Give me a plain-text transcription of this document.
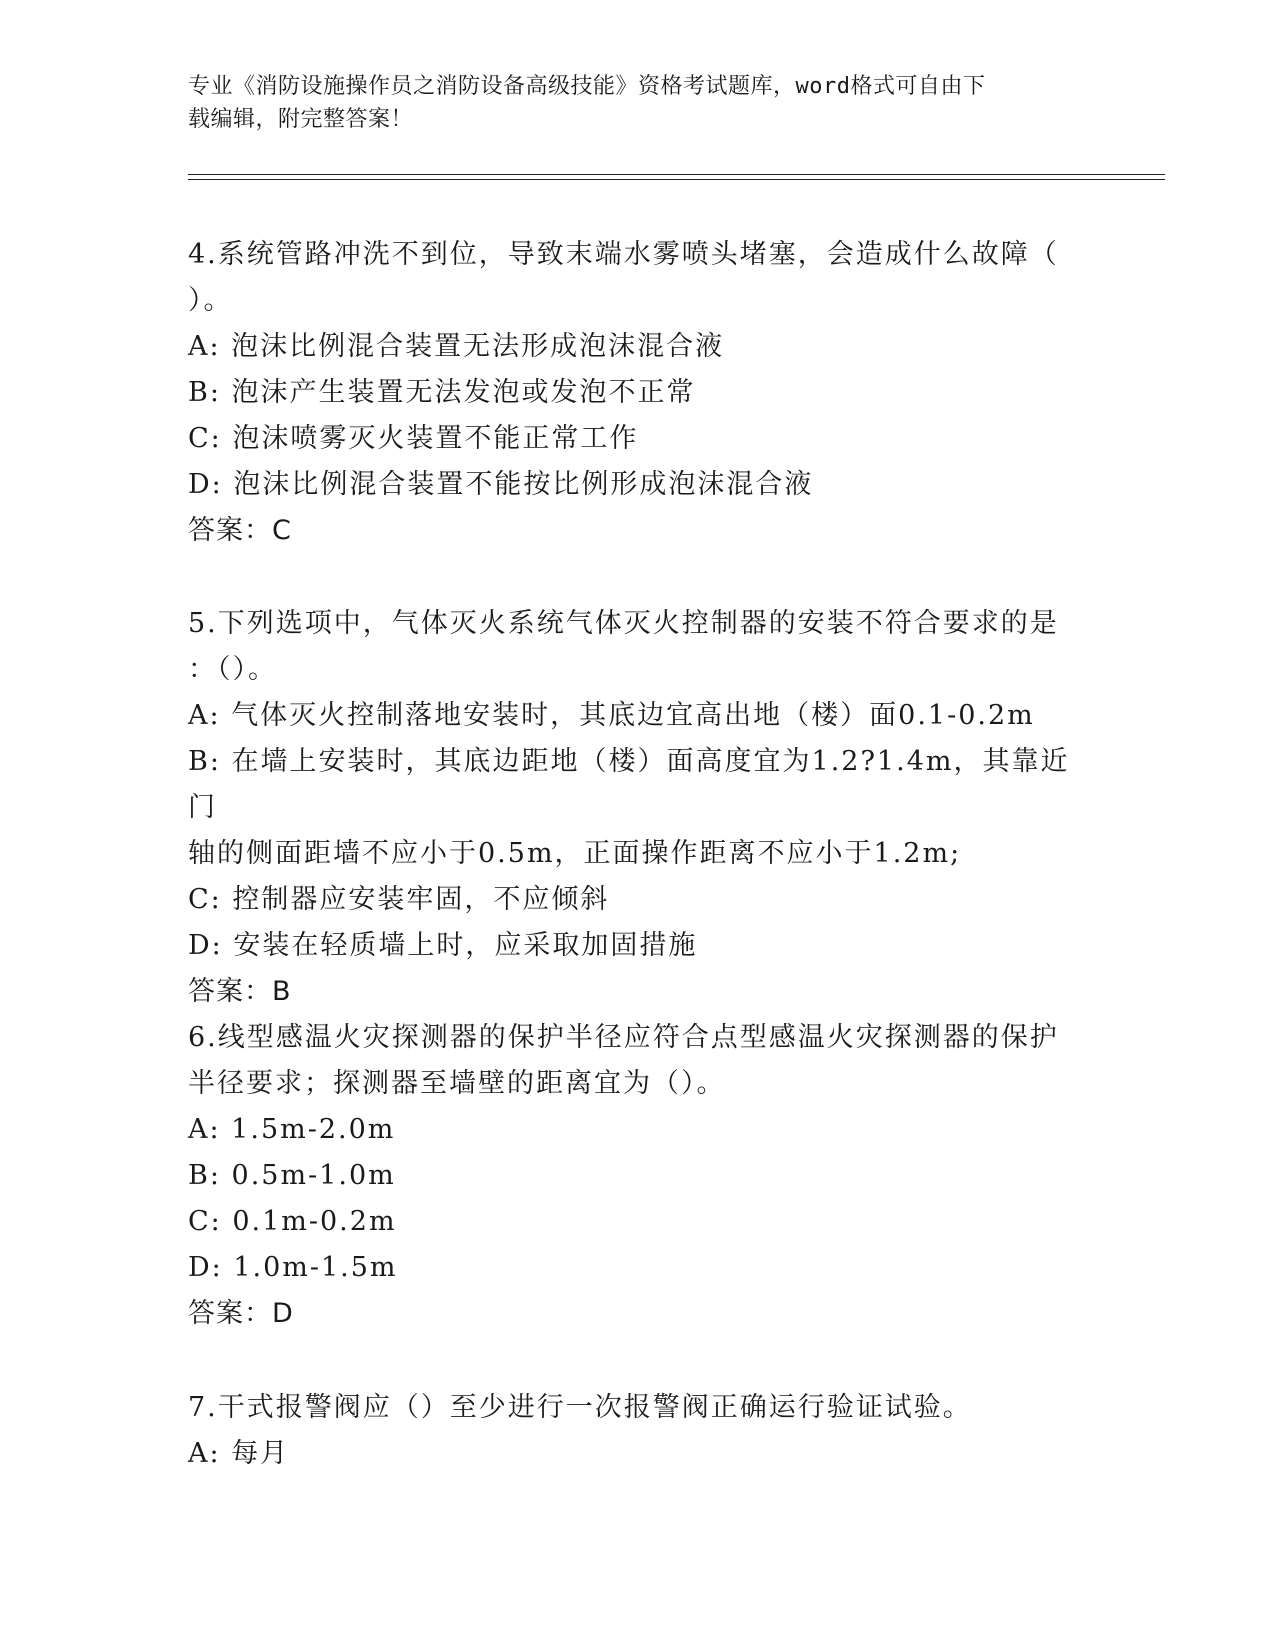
专业《消防设施操作员之消防设备高级技能》资格考试题库，word格式可自由下
载编辑，附完整答案！

4.系统管路冲洗不到位，导致末端水雾喷头堵塞，会造成什么故障（

）。

A: 泡沫比例混合装置无法形成泡沫混合液

B: 泡沫产生装置无法发泡或发泡不正常

C: 泡沫喷雾灭火装置不能正常工作

D: 泡沫比例混合装置不能按比例形成泡沫混合液

答案：C

5.下列选项中，气体灭火系统气体灭火控制器的安装不符合要求的是

：（）。

A: 气体灭火控制落地安装时，其底边宜高出地（楼）面0.1-0.2m

B: 在墙上安装时，其底边距地（楼）面高度宜为1.2?1.4m，其靠近门

轴的侧面距墙不应小于0.5m，正面操作距离不应小于1.2m;

C: 控制器应安装牢固，不应倾斜

D: 安装在轻质墙上时，应采取加固措施

答案：B

6.线型感温火灾探测器的保护半径应符合点型感温火灾探测器的保护

半径要求；探测器至墙壁的距离宜为（）。

A: 1.5m-2.0m

B: 0.5m-1.0m

C: 0.1m-0.2m

D: 1.0m-1.5m

答案：D

7.干式报警阀应（）至少进行一次报警阀正确运行验证试验。

A: 每月
